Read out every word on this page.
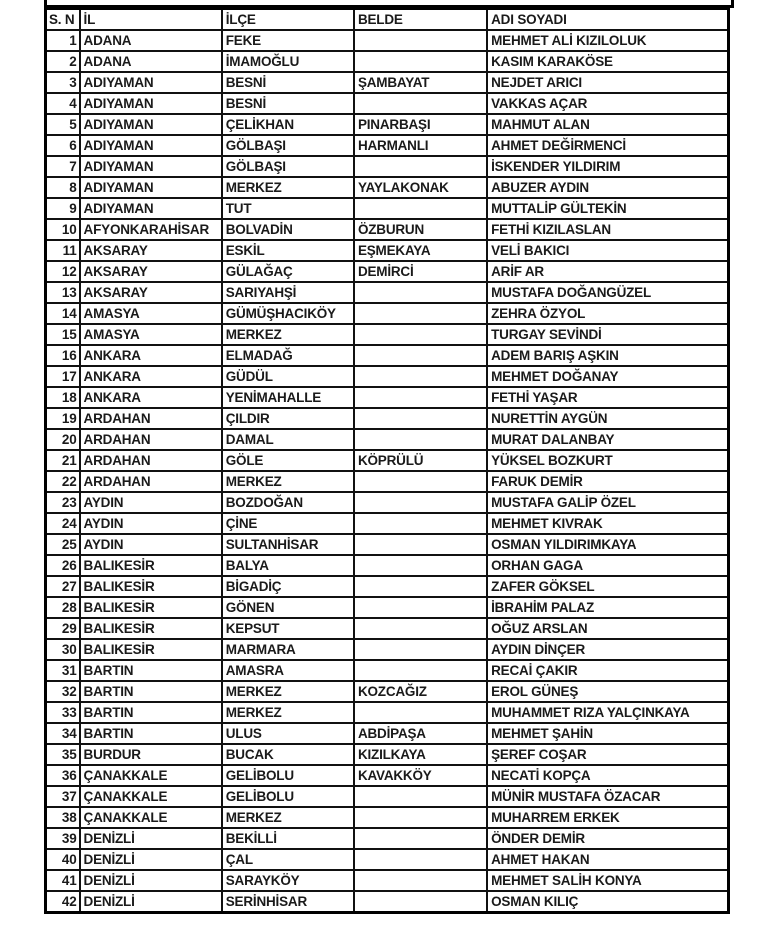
S. N	İL	İLÇE	BELDE	ADI SOYADI
1	ADANA	FEKE		MEHMET ALİ KIZILOLUK
2	ADANA	İMAMOĞLU		KASIM KARAKÖSE
3	ADIYAMAN	BESNİ	ŞAMBAYAT	NEJDET ARICI
4	ADIYAMAN	BESNİ		VAKKAS AÇAR
5	ADIYAMAN	ÇELİKHAN	PINARBAŞI	MAHMUT ALAN
6	ADIYAMAN	GÖLBAŞI	HARMANLI	AHMET DEĞİRMENCİ
7	ADIYAMAN	GÖLBAŞI		İSKENDER YILDIRIM
8	ADIYAMAN	MERKEZ	YAYLAKONAK	ABUZER AYDIN
9	ADIYAMAN	TUT		MUTTALİP GÜLTEKİN
10	AFYONKARAHİSAR	BOLVADİN	ÖZBURUN	FETHİ KIZILASLAN
11	AKSARAY	ESKİL	EŞMEKAYA	VELİ BAKICI
12	AKSARAY	GÜLAĞAÇ	DEMİRCİ	ARİF AR
13	AKSARAY	SARIYAHŞİ		MUSTAFA DOĞANGÜZEL
14	AMASYA	GÜMÜŞHACIKÖY		ZEHRA ÖZYOL
15	AMASYA	MERKEZ		TURGAY SEVİNDİ
16	ANKARA	ELMADAĞ		ADEM BARIŞ AŞKIN
17	ANKARA	GÜDÜL		MEHMET DOĞANAY
18	ANKARA	YENİMAHALLE		FETHİ YAŞAR
19	ARDAHAN	ÇILDIR		NURETTİN AYGÜN
20	ARDAHAN	DAMAL		MURAT DALANBAY
21	ARDAHAN	GÖLE	KÖPRÜLÜ	YÜKSEL BOZKURT
22	ARDAHAN	MERKEZ		FARUK DEMİR
23	AYDIN	BOZDOĞAN		MUSTAFA GALİP ÖZEL
24	AYDIN	ÇİNE		MEHMET KIVRAK
25	AYDIN	SULTANHİSAR		OSMAN YILDIRIMKAYA
26	BALIKESİR	BALYA		ORHAN GAGA
27	BALIKESİR	BİGADİÇ		ZAFER GÖKSEL
28	BALIKESİR	GÖNEN		İBRAHİM PALAZ
29	BALIKESİR	KEPSUT		OĞUZ ARSLAN
30	BALIKESİR	MARMARA		AYDIN DİNÇER
31	BARTIN	AMASRA		RECAİ ÇAKIR
32	BARTIN	MERKEZ	KOZCAĞIZ	EROL GÜNEŞ
33	BARTIN	MERKEZ		MUHAMMET RIZA YALÇINKAYA
34	BARTIN	ULUS	ABDİPAŞA	MEHMET ŞAHİN
35	BURDUR	BUCAK	KIZILKAYA	ŞEREF COŞAR
36	ÇANAKKALE	GELİBOLU	KAVAKKÖY	NECATİ KOPÇA
37	ÇANAKKALE	GELİBOLU		MÜNİR MUSTAFA ÖZACAR
38	ÇANAKKALE	MERKEZ		MUHARREM ERKEK
39	DENİZLİ	BEKİLLİ		ÖNDER DEMİR
40	DENİZLİ	ÇAL		AHMET HAKAN
41	DENİZLİ	SARAYKÖY		MEHMET SALİH KONYA
42	DENİZLİ	SERİNHİSAR		OSMAN KILIÇ
